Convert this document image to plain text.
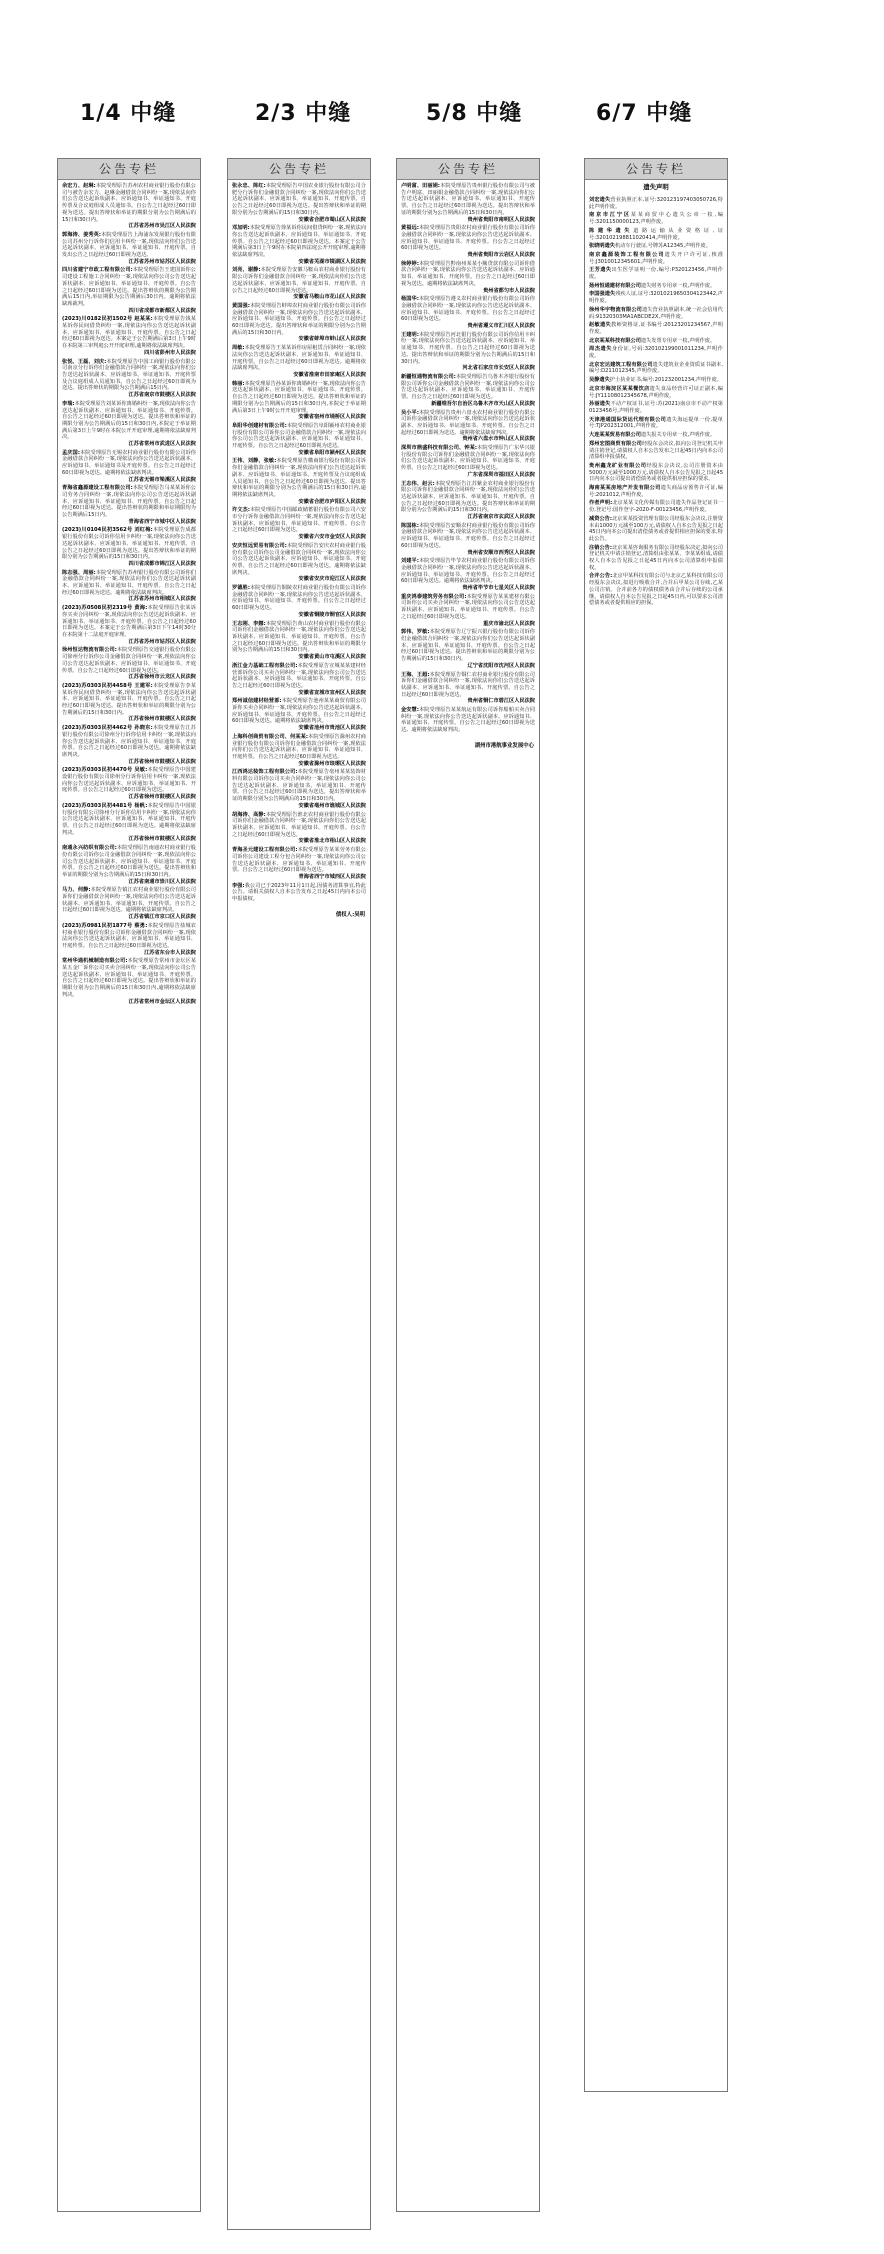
1/4 中缝	2/3 中缝	5/8 中缝	6/7 中缝
公告专栏
余宏力、赵琳:本院受理原告苏州农村商业银行股份有限公司与被告余宏力、赵琳金融借款合同纠纷一案,现依法向你们公告送达起诉状副本、应诉通知书、举证通知书、开庭传票及合议庭组成人员通知书。自公告之日起经过60日即视为送达。提出答辩状和举证的期限分别为公告期满后的15日和30日内。
江苏省苏州市吴江区人民法院
郭海涛、姜秀英:本院受理原告上海浦东发展银行股份有限公司苏州分行诉你们信用卡纠纷一案,现依法向你们公告送达起诉状副本、应诉通知书、举证通知书、开庭传票。自发出公告之日起经过60日即视为送达。
江苏省苏州市姑苏区人民法院
四川省建宁市政工程有限公司:本院受理原告王建国诉你公司建设工程施工合同纠纷一案,现依法向你公司公告送达起诉状副本、应诉通知书、举证通知书、开庭传票。自公告之日起经过60日即视为送达。提出答辩状的期限为公告期满后15日内,举证期限为公告期满后30日内。逾期将依法缺席裁判。
四川省成都市新都区人民法院
(2023)川0182民初1502号 赵某某:本院受理原告钱某某诉你民间借贷纠纷一案,现依法向你公告送达起诉状副本、应诉通知书、举证通知书、开庭传票。自公告之日起经过60日即视为送达。本案定于公告期满后第3日上午9时在本院第三审判庭公开开庭审理,逾期将依法缺席判决。
四川省彭州市人民法院
张悦、王磊、刘庆:本院受理原告中国工商银行股份有限公司南京分行诉你们金融借款合同纠纷一案,现依法向你们公告送达起诉状副本、应诉通知书、举证通知书、开庭传票及合议庭组成人员通知书。自公告之日起经过60日即视为送达。提出答辩状的期限为公告期满后15日内。
江苏省南京市鼓楼区人民法院
李瑞:本院受理原告刘某诉你离婚纠纷一案,现依法向你公告送达起诉状副本、应诉通知书、举证通知书、开庭传票。自公告之日起经过60日即视为送达。提出答辩状和举证的期限分别为公告期满后的15日和30日内,本院定于举证期满后第3日上午9时在本院公开开庭审理,逾期将依法缺席判决。
江苏省常州市武进区人民法院
孟庆国:本院受理原告无锡农村商业银行股份有限公司诉你金融借款合同纠纷一案,现依法向你公告送达起诉状副本、应诉通知书、举证通知书及开庭传票。自公告之日起经过60日即视为送达。逾期将依法缺席判决。
江苏省无锡市梁溪区人民法院
青海省鑫源建设工程有限公司:本院受理原告马某某诉你公司劳务合同纠纷一案,现依法向你公司公告送达起诉状副本、应诉通知书、举证通知书、开庭传票。自公告之日起经过60日即视为送达。提出答辩状的期限和举证期限均为公告期满后15日内。
青海省西宁市城中区人民法院
(2023)川0104民初3562号 刘红梅:本院受理原告成都银行股份有限公司诉你信用卡纠纷一案,现依法向你公告送达起诉状副本、应诉通知书、举证通知书、开庭传票。自公告之日起经过60日即视为送达。提出答辩状和举证的期限分别为公告期满后的15日和30日内。
四川省成都市锦江区人民法院
陈志强、周丽:本院受理原告苏州银行股份有限公司诉你们金融借款合同纠纷一案,现依法向你们公告送达起诉状副本、应诉通知书、举证通知书、开庭传票。自公告之日起经过60日即视为送达。逾期将依法缺席判决。
江苏省苏州市相城区人民法院
(2023)苏0508民初2319号 黄海:本院受理原告张某诉你买卖合同纠纷一案,现依法向你公告送达起诉状副本、应诉通知书、举证通知书、开庭传票。自公告之日起经过60日即视为送达。本案定于公告期满后第3日下午14时30分在本院第十二法庭开庭审理。
江苏省苏州市姑苏区人民法院
徐州恒达物流有限公司:本院受理原告交通银行股份有限公司徐州分行诉你公司金融借款合同纠纷一案,现依法向你公司公告送达起诉状副本、应诉通知书、举证通知书、开庭传票。自公告之日起经过60日即视为送达。
江苏省徐州市云龙区人民法院
(2023)苏0303民初4458号 王建军:本院受理原告李某某诉你民间借贷纠纷一案,现依法向你公告送达起诉状副本、应诉通知书、举证通知书、开庭传票。自公告之日起经过60日即视为送达。提出答辩状和举证的期限分别为公告期满后的15日和30日内。
江苏省徐州市鼓楼区人民法院
(2023)苏0303民初4462号 孙晓东:本院受理原告江苏银行股份有限公司徐州分行诉你信用卡纠纷一案,现依法向你公告送达起诉状副本、应诉通知书、举证通知书、开庭传票。自公告之日起经过60日即视为送达。逾期将依法缺席判决。
江苏省徐州市鼓楼区人民法院
(2023)苏0303民初4470号 吴敏:本院受理原告中国建设银行股份有限公司徐州分行诉你信用卡纠纷一案,现依法向你公告送达起诉状副本、应诉通知书、举证通知书、开庭传票。自公告之日起经过60日即视为送达。
江苏省徐州市鼓楼区人民法院
(2023)苏0303民初4481号 杨帆:本院受理原告中国银行股份有限公司徐州分行诉你信用卡纠纷一案,现依法向你公告送达起诉状副本、应诉通知书、举证通知书、开庭传票。自公告之日起经过60日即视为送达。逾期将依法缺席判决。
江苏省徐州市鼓楼区人民法院
南通永兴纺织有限公司:本院受理原告南通农村商业银行股份有限公司诉你公司金融借款合同纠纷一案,现依法向你公司公告送达起诉状副本、应诉通知书、举证通知书、开庭传票。自公告之日起经过60日即视为送达。提出答辩状和举证的期限分别为公告期满后的15日和30日内。
江苏省南通市崇川区人民法院
马力、何静:本院受理原告镇江农村商业银行股份有限公司诉你们金融借款合同纠纷一案,现依法向你们公告送达起诉状副本、应诉通知书、举证通知书、开庭传票。自公告之日起经过60日即视为送达。逾期将依法缺席判决。
江苏省镇江市京口区人民法院
(2023)苏0981民初1877号 蔡勇:本院受理原告盐城农村商业银行股份有限公司诉你金融借款合同纠纷一案,现依法向你公告送达起诉状副本、应诉通知书、举证通知书、开庭传票。自公告之日起经过60日即视为送达。
江苏省东台市人民法院
常州华通机械制造有限公司:本院受理原告常州市金坛区某某五金厂诉你公司买卖合同纠纷一案,现依法向你公司公告送达起诉状副本、应诉通知书、举证通知书、开庭传票。自公告之日起经过60日即视为送达。提出答辩状和举证的期限分别为公告期满后的15日和30日内,逾期将依法缺席判决。
江苏省常州市金坛区人民法院
公告专栏
张永忠、陈红:本院受理原告中国农业银行股份有限公司合肥分行诉你们金融借款合同纠纷一案,现依法向你们公告送达起诉状副本、应诉通知书、举证通知书、开庭传票。自公告之日起经过60日即视为送达。提出答辩状和举证的期限分别为公告期满后的15日和30日内。
安徽省合肥市蜀山区人民法院
邓加明:本院受理原告徐某诉你民间借贷纠纷一案,现依法向你公告送达起诉状副本、应诉通知书、举证通知书、开庭传票。自公告之日起经过60日即视为送达。本案定于公告期满后第3日上午9时在本院第四法庭公开开庭审理,逾期将依法缺席判决。
安徽省芜湖市镜湖区人民法院
刘亮、谢静:本院受理原告安徽马鞍山农村商业银行股份有限公司诉你们金融借款合同纠纷一案,现依法向你们公告送达起诉状副本、应诉通知书、举证通知书、开庭传票。自公告之日起经过60日即视为送达。
安徽省马鞍山市花山区人民法院
黄国强:本院受理原告蚌埠农村商业银行股份有限公司诉你金融借款合同纠纷一案,现依法向你公告送达起诉状副本、应诉通知书、举证通知书、开庭传票。自公告之日起经过60日即视为送达。提出答辩状和举证的期限分别为公告期满后的15日和30日内。
安徽省蚌埠市蚌山区人民法院
周敏:本院受理原告王某某诉你房屋租赁合同纠纷一案,现依法向你公告送达起诉状副本、应诉通知书、举证通知书、开庭传票。自公告之日起经过60日即视为送达。逾期将依法缺席判决。
安徽省淮南市田家庵区人民法院
韩丽:本院受理原告孙某诉你离婚纠纷一案,现依法向你公告送达起诉状副本、应诉通知书、举证通知书、开庭传票。自公告之日起经过60日即视为送达。提出答辩状和举证的期限分别为公告期满后的15日和30日内,本院定于举证期满后第3日上午9时公开开庭审理。
安徽省宿州市埇桥区人民法院
阜阳华创建材有限公司:本院受理原告阜阳颍州农村商业银行股份有限公司诉你公司金融借款合同纠纷一案,现依法向你公司公告送达起诉状副本、应诉通知书、举证通知书、开庭传票。自公告之日起经过60日即视为送达。
安徽省阜阳市颍州区人民法院
王伟、刘静、张敏:本院受理原告徽商银行股份有限公司诉你们金融借款合同纠纷一案,现依法向你们公告送达起诉状副本、应诉通知书、举证通知书、开庭传票及合议庭组成人员通知书。自公告之日起经过60日即视为送达。提出答辩状和举证的期限分别为公告期满后的15日和30日内,逾期将依法缺席判决。
安徽省合肥市庐阳区人民法院
许文杰:本院受理原告中国邮政储蓄银行股份有限公司六安市分行诉你金融借款合同纠纷一案,现依法向你公告送达起诉状副本、应诉通知书、举证通知书、开庭传票。自公告之日起经过60日即视为送达。
安徽省六安市金安区人民法院
安庆恒远贸易有限公司:本院受理原告安庆农村商业银行股份有限公司诉你公司金融借款合同纠纷一案,现依法向你公司公告送达起诉状副本、应诉通知书、举证通知书、开庭传票。自公告之日起经过60日即视为送达。逾期将依法缺席判决。
安徽省安庆市迎江区人民法院
罗德胜:本院受理原告铜陵农村商业银行股份有限公司诉你金融借款合同纠纷一案,现依法向你公告送达起诉状副本、应诉通知书、举证通知书、开庭传票。自公告之日起经过60日即视为送达。
安徽省铜陵市铜官区人民法院
王志刚、李娜:本院受理原告黄山农村商业银行股份有限公司诉你们金融借款合同纠纷一案,现依法向你们公告送达起诉状副本、应诉通知书、举证通知书、开庭传票。自公告之日起经过60日即视为送达。提出答辩状和举证的期限分别为公告期满后的15日和30日内。
安徽省黄山市屯溪区人民法院
浙江金力基础工程有限公司:本院受理原告宣城某某建材经营部诉你公司买卖合同纠纷一案,现依法向你公司公告送达起诉状副本、应诉通知书、举证通知书、开庭传票。自公告之日起经过60日即视为送达。
安徽省宣城市宣州区人民法院
郑州诚信建材经营部:本院受理原告池州某某商贸有限公司诉你买卖合同纠纷一案,现依法向你公告送达起诉状副本、应诉通知书、举证通知书、开庭传票。自公告之日起经过60日即视为送达。逾期将依法缺席判决。
安徽省池州市贵池区人民法院
上海科创商贸有限公司、何某某:本院受理原告滁州农村商业银行股份有限公司诉你们金融借款合同纠纷一案,现依法向你们公告送达起诉状副本、应诉通知书、举证通知书、开庭传票。自公告之日起经过60日即视为送达。
安徽省滁州市琅琊区人民法院
江西鸿达装饰工程有限公司:本院受理原告亳州某某装饰材料有限公司诉你公司买卖合同纠纷一案,现依法向你公司公告送达起诉状副本、应诉通知书、举证通知书、开庭传票。自公告之日起经过60日即视为送达。提出答辩状和举证的期限分别为公告期满后的15日和30日内。
安徽省亳州市谯城区人民法院
胡海涛、高静:本院受理原告淮北农村商业银行股份有限公司诉你们金融借款合同纠纷一案,现依法向你们公告送达起诉状副本、应诉通知书、举证通知书、开庭传票。自公告之日起经过60日即视为送达。
安徽省淮北市相山区人民法院
青海圣元建设工程有限公司:本院受理原告某某劳务有限公司诉你公司建设工程分包合同纠纷一案,现依法向你公司公告送达起诉状副本、应诉通知书、举证通知书、开庭传票。自公告之日起经过60日即视为送达。
青海省西宁市城西区人民法院
李强:我公司已于2023年11月1日起,因债务清算事宜,特此公告。请相关债权人自本公告发布之日起45日内向本公司申报债权。
债权人:吴明
公告专栏
卢明富、田丽娟:本院受理原告贵州银行股份有限公司与被告卢明富、田丽娟金融借款合同纠纷一案,现依法向你们公告送达起诉状副本、应诉通知书、举证通知书、开庭传票。自公告之日起经过60日即视为送达。提出答辩状和举证的期限分别为公告期满后的15日和30日内。
贵州省贵阳市南明区人民法院
黄福远:本院受理原告贵阳农村商业银行股份有限公司诉你金融借款合同纠纷一案,现依法向你公告送达起诉状副本、应诉通知书、举证通知书、开庭传票。自公告之日起经过60日即视为送达。
贵州省贵阳市云岩区人民法院
徐婷婷:本院受理原告黔南州某某小额贷款有限公司诉你借款合同纠纷一案,现依法向你公告送达起诉状副本、应诉通知书、举证通知书、开庭传票。自公告之日起经过60日即视为送达。逾期将依法缺席判决。
贵州省都匀市人民法院
杨国华:本院受理原告遵义农村商业银行股份有限公司诉你金融借款合同纠纷一案,现依法向你公告送达起诉状副本、应诉通知书、举证通知书、开庭传票。自公告之日起经过60日即视为送达。
贵州省遵义市汇川区人民法院
王建明:本院受理原告河北银行股份有限公司诉你信用卡纠纷一案,现依法向你公告送达起诉状副本、应诉通知书、举证通知书、开庭传票。自公告之日起经过60日即视为送达。提出答辩状和举证的期限分别为公告期满后的15日和30日内。
河北省石家庄市长安区人民法院
新疆恒通物流有限公司:本院受理原告乌鲁木齐银行股份有限公司诉你公司金融借款合同纠纷一案,现依法向你公司公告送达起诉状副本、应诉通知书、举证通知书、开庭传票。自公告之日起经过60日即视为送达。
新疆维吾尔自治区乌鲁木齐市天山区人民法院
吴小平:本院受理原告贵州六盘水农村商业银行股份有限公司诉你金融借款合同纠纷一案,现依法向你公告送达起诉状副本、应诉通知书、举证通知书、开庭传票。自公告之日起经过60日即视为送达。逾期将依法缺席判决。
贵州省六盘水市钟山区人民法院
深圳市鼎盛科技有限公司、钟某:本院受理原告广东华兴银行股份有限公司诉你们金融借款合同纠纷一案,现依法向你们公告送达起诉状副本、应诉通知书、举证通知书、开庭传票。自公告之日起经过60日即视为送达。
广东省深圳市福田区人民法院
王志伟、赵云:本院受理原告江苏紫金农村商业银行股份有限公司诉你们金融借款合同纠纷一案,现依法向你们公告送达起诉状副本、应诉通知书、举证通知书、开庭传票。自公告之日起经过60日即视为送达。提出答辩状和举证的期限分别为公告期满后的15日和30日内。
江苏省南京市玄武区人民法院
陈国栋:本院受理原告安顺农村商业银行股份有限公司诉你金融借款合同纠纷一案,现依法向你公告送达起诉状副本、应诉通知书、举证通知书、开庭传票。自公告之日起经过60日即视为送达。
贵州省安顺市西秀区人民法院
刘建平:本院受理原告毕节农村商业银行股份有限公司诉你金融借款合同纠纷一案,现依法向你公告送达起诉状副本、应诉通知书、举证通知书、开庭传票。自公告之日起经过60日即视为送达。逾期将依法缺席判决。
贵州省毕节市七星关区人民法院
重庆鸿泰建筑劳务有限公司:本院受理原告某某建材有限公司诉你公司买卖合同纠纷一案,现依法向你公司公告送达起诉状副本、应诉通知书、举证通知书、开庭传票。自公告之日起经过60日即视为送达。
重庆市渝北区人民法院
郭伟、罗敏:本院受理原告辽宁振兴银行股份有限公司诉你们金融借款合同纠纷一案,现依法向你们公告送达起诉状副本、应诉通知书、举证通知书、开庭传票。自公告之日起经过60日即视为送达。提出答辩状和举证的期限分别为公告期满后的15日和30日内。
辽宁省沈阳市沈河区人民法院
王海、王超:本院受理原告铜仁农村商业银行股份有限公司诉你们金融借款合同纠纷一案,现依法向你们公告送达起诉状副本、应诉通知书、举证通知书、开庭传票。自公告之日起经过60日即视为送达。
贵州省铜仁市碧江区人民法院
金安慧:本院受理原告某某航运有限公司诉你船舶买卖合同纠纷一案,现依法向你公告送达起诉状副本、应诉通知书、举证通知书、开庭传票。自公告之日起经过60日即视为送达。逾期将依法缺席判决。
湖州市港航事业发展中心
公告专栏
遗失声明
刘宏遗失营业执照正本,证号:320123197403050726,特此声明作废。
南京市江宁区某某商贸中心遗失公章一枚,编号:3201150000123,声明作废。
陈建华遗失道路运输从业资格证,证号:320102198811020414,声明作废。
张晓明遗失机动车行驶证,号牌苏A12345,声明作废。
南京鑫源装饰工程有限公司遗失开户许可证,核准号:J3010012345601,声明作废。
王芳遗失出生医学证明一份,编号:P320123456,声明作废。
扬州恒通建材有限公司遗失财务专用章一枚,声明作废。
李国强遗失残疾人证,证号:32010219650304123442,声明作废。
徐州华宇物流有限公司遗失营业执照副本,统一社会信用代码:91320303MA1ABCDE2X,声明作废。
赵敏遗失教师资格证,证书编号:20123201234567,声明作废。
北京某某科技有限公司遗失发票专用章一枚,声明作废。
周杰遗失身份证,号码:320102199001011234,声明作废。
北京宏达建筑工程有限公司遗失建筑业企业资质证书副本,编号:D211012345,声明作废。
吴静遗失护士执业证书,编号:201232001234,声明作废。
北京市海淀区某某餐饮店遗失食品经营许可证正副本,编号:JY11108012345678,声明作废。
孙丽遗失不动产权证书,证号:苏(2021)南京市不动产权第0123456号,声明作废。
天津港通国际货运代理有限公司遗失海运提单一份,提单号:TJP202312001,声明作废。
大连某某贸易有限公司遗失报关专用章一枚,声明作废。
郑州宏图商贸有限公司经股东会决议,拟向公司登记机关申请注销登记,请债权人自本公告发布之日起45日内向本公司清算组申报债权。
贵州鑫龙矿业有限公司经股东会决议,公司注册资本由5000万元减至1000万元,请债权人自本公告见报之日起45日内向本公司提出清偿债务或者提供相应担保的要求。
海南某某房地产开发有限公司遗失商品房预售许可证,编号:2021012,声明作废。
作者声明:北京某某文化传媒有限公司遗失作品登记证书一份,登记号:国作登字-2020-F-00123456,声明作废。
减资公告:北京某某投资管理有限公司经股东会决议,注册资本由1000万元减至100万元,请债权人自本公告见报之日起45日内向本公司提出清偿债务或者提供相应担保的要求,特此公告。
注销公告:北京某某咨询服务有限公司经股东决定,拟向公司登记机关申请注销登记,清算组由张某某、李某某组成,请债权人自本公告见报之日起45日内向本公司清算组申报债权。
合并公告:北京甲某科技有限公司与北京乙某科技有限公司经股东会决议,拟进行吸收合并,合并后甲某公司存续,乙某公司注销。合并前各方的债权债务由合并后存续的公司承继。请债权人自本公告见报之日起45日内,可以要求公司清偿债务或者提供相应的担保。
